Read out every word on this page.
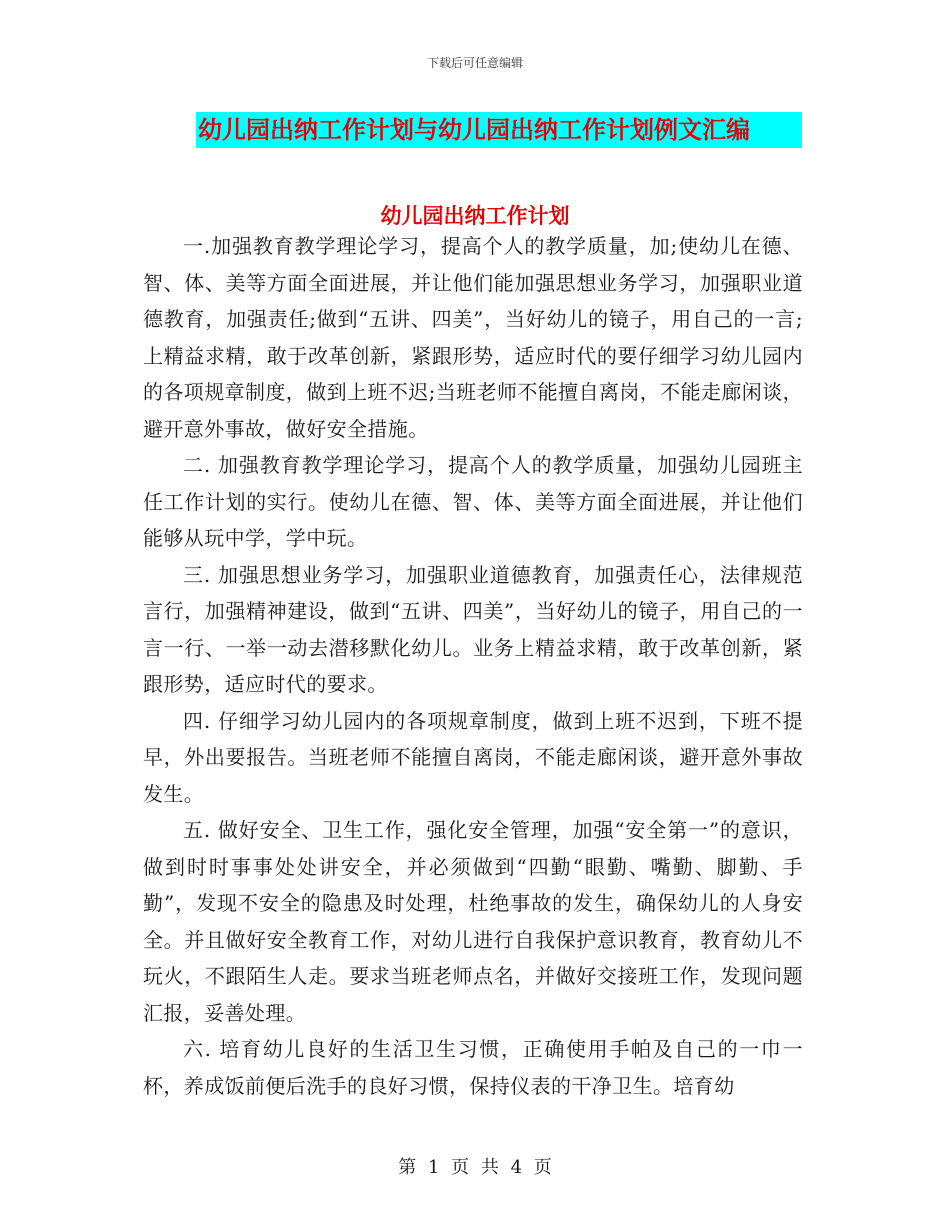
下载后可任意编辑
幼儿园出纳工作计划与幼儿园出纳工作计划例文汇编
幼儿园出纳工作计划

一.加强教育教学理论学习，提高个人的教学质量，加;使幼儿在德、智、体、美等方面全面进展，并让他们能加强思想业务学习，加强职业道德教育，加强责任;做到“五讲、四美”，当好幼儿的镜子，用自己的一言;上精益求精，敢于改革创新，紧跟形势，适应时代的要仔细学习幼儿园内的各项规章制度，做到上班不迟;当班老师不能擅自离岗，不能走廊闲谈，避开意外事故，做好安全措施。

二. 加强教育教学理论学习，提高个人的教学质量，加强幼儿园班主任工作计划的实行。使幼儿在德、智、体、美等方面全面进展，并让他们能够从玩中学，学中玩。

三. 加强思想业务学习，加强职业道德教育，加强责任心，法律规范言行，加强精神建设，做到“五讲、四美”，当好幼儿的镜子，用自己的一言一行、一举一动去潜移默化幼儿。业务上精益求精，敢于改革创新，紧跟形势，适应时代的要求。

四. 仔细学习幼儿园内的各项规章制度，做到上班不迟到，下班不提早，外出要报告。当班老师不能擅自离岗，不能走廊闲谈，避开意外事故发生。

五. 做好安全、卫生工作，强化安全管理，加强“安全第一”的意识，做到时时事事处处讲安全，并必须做到“四勤“眼勤、嘴勤、脚勤、手勤”，发现不安全的隐患及时处理，杜绝事故的发生，确保幼儿的人身安全。并且做好安全教育工作，对幼儿进行自我保护意识教育，教育幼儿不玩火，不跟陌生人走。要求当班老师点名，并做好交接班工作，发现问题汇报，妥善处理。

六. 培育幼儿良好的生活卫生习惯，正确使用手帕及自己的一巾一杯，养成饭前便后洗手的良好习惯，保持仪表的干净卫生。培育幼

第 1 页 共 4 页
